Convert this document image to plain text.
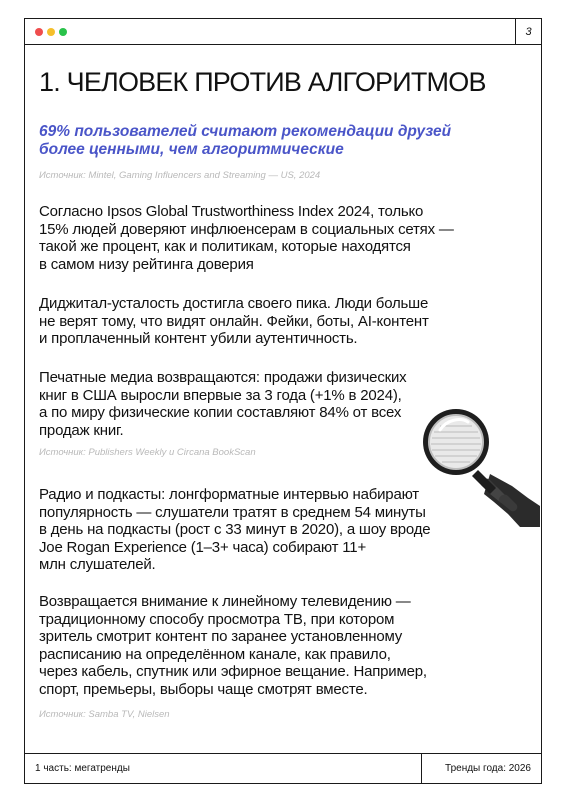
3
1. ЧЕЛОВЕК ПРОТИВ АЛГОРИТМОВ

69% пользователей считают рекомендации друзей
более ценными, чем алгоритмические

Источник: Mintel, Gaming Influencers and Streaming — US, 2024

Согласно Ipsos Global Trustworthiness Index 2024, только
15% людей доверяют инфлюенсерам в социальных сетях —
такой же процент, как и политикам, которые находятся
в самом низу рейтинга доверия

Диджитал-усталость достигла своего пика. Люди больше
не верят тому, что видят онлайн. Фейки, боты, AI-контент
и проплаченный контент убили аутентичность.

Печатные медиа возвращаются: продажи физических
книг в США выросли впервые за 3 года (+1% в 2024),
а по миру физические копии составляют 84% от всех
продаж книг.

Источник: Publishers Weekly и Circana BookScan

Радио и подкасты: лонгформатные интервью набирают
популярность — слушатели тратят в среднем 54 минуты
в день на подкасты (рост с 33 минут в 2020), а шоу вроде
Joe Rogan Experience (1–3+ часа) собирают 11+
млн слушателей.

Возвращается внимание к линейному телевидению —
традиционному способу просмотра ТВ, при котором
зритель смотрит контент по заранее установленному
расписанию на определённом канале, как правило,
через кабель, спутник или эфирное вещание. Например,
спорт, премьеры, выборы чаще смотрят вместе.

Источник: Samba TV, Nielsen

1 часть: мегатренды	Тренды года: 2026
